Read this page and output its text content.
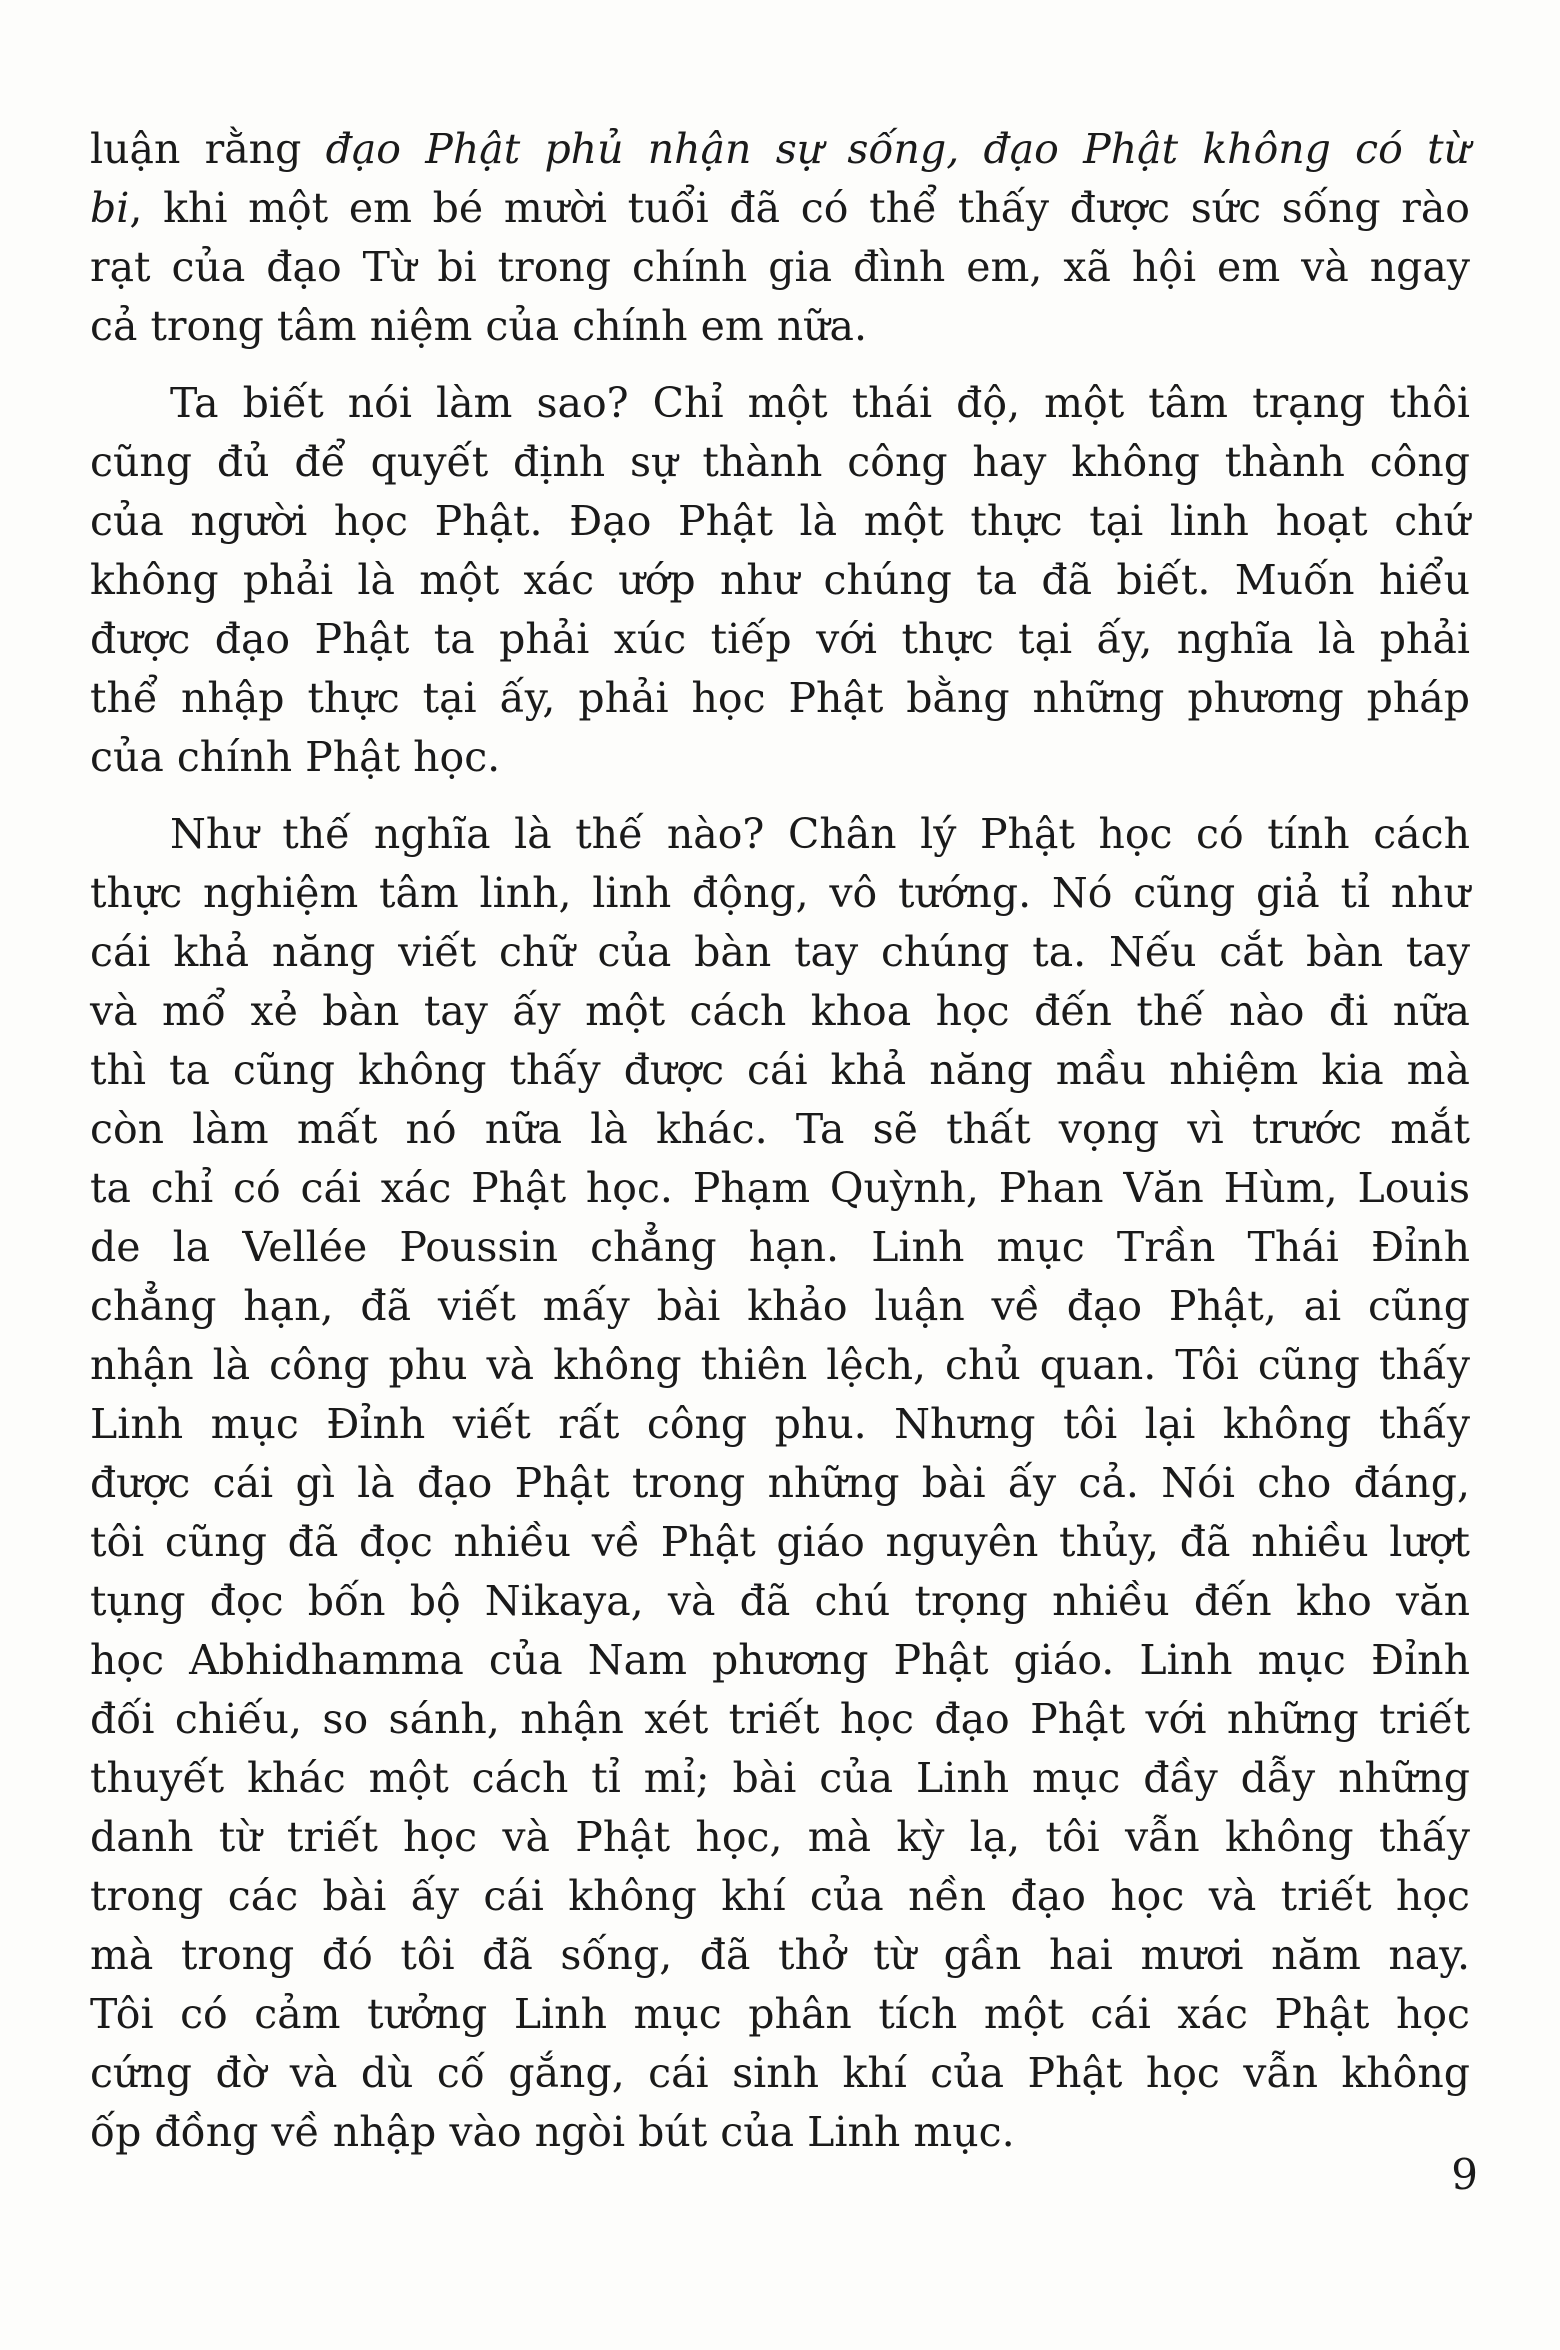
luận rằng đạo Phật phủ nhận sự sống, đạo Phật không có từ
bi, khi một em bé mười tuổi đã có thể thấy được sức sống rào
rạt của đạo Từ bi trong chính gia đình em, xã hội em và ngay
cả trong tâm niệm của chính em nữa.
Ta biết nói làm sao? Chỉ một thái độ, một tâm trạng thôi
cũng đủ để quyết định sự thành công hay không thành công
của người học Phật. Đạo Phật là một thực tại linh hoạt chứ
không phải là một xác ướp như chúng ta đã biết. Muốn hiểu
được đạo Phật ta phải xúc tiếp với thực tại ấy, nghĩa là phải
thể nhập thực tại ấy, phải học Phật bằng những phương pháp
của chính Phật học.
Như thế nghĩa là thế nào? Chân lý Phật học có tính cách
thực nghiệm tâm linh, linh động, vô tướng. Nó cũng giả tỉ như
cái khả năng viết chữ của bàn tay chúng ta. Nếu cắt bàn tay
và mổ xẻ bàn tay ấy một cách khoa học đến thế nào đi nữa
thì ta cũng không thấy được cái khả năng mầu nhiệm kia mà
còn làm mất nó nữa là khác. Ta sẽ thất vọng vì trước mắt
ta chỉ có cái xác Phật học. Phạm Quỳnh, Phan Văn Hùm, Louis
de la Vellée Poussin chẳng hạn. Linh mục Trần Thái Đỉnh
chẳng hạn, đã viết mấy bài khảo luận về đạo Phật, ai cũng
nhận là công phu và không thiên lệch, chủ quan. Tôi cũng thấy
Linh mục Đỉnh viết rất công phu. Nhưng tôi lại không thấy
được cái gì là đạo Phật trong những bài ấy cả. Nói cho đáng,
tôi cũng đã đọc nhiều về Phật giáo nguyên thủy, đã nhiều lượt
tụng đọc bốn bộ Nikaya, và đã chú trọng nhiều đến kho văn
học Abhidhamma của Nam phương Phật giáo. Linh mục Đỉnh
đối chiếu, so sánh, nhận xét triết học đạo Phật với những triết
thuyết khác một cách tỉ mỉ; bài của Linh mục đầy dẫy những
danh từ triết học và Phật học, mà kỳ lạ, tôi vẫn không thấy
trong các bài ấy cái không khí của nền đạo học và triết học
mà trong đó tôi đã sống, đã thở từ gần hai mươi năm nay.
Tôi có cảm tưởng Linh mục phân tích một cái xác Phật học
cứng đờ và dù cố gắng, cái sinh khí của Phật học vẫn không
ốp đồng về nhập vào ngòi bút của Linh mục.
9
